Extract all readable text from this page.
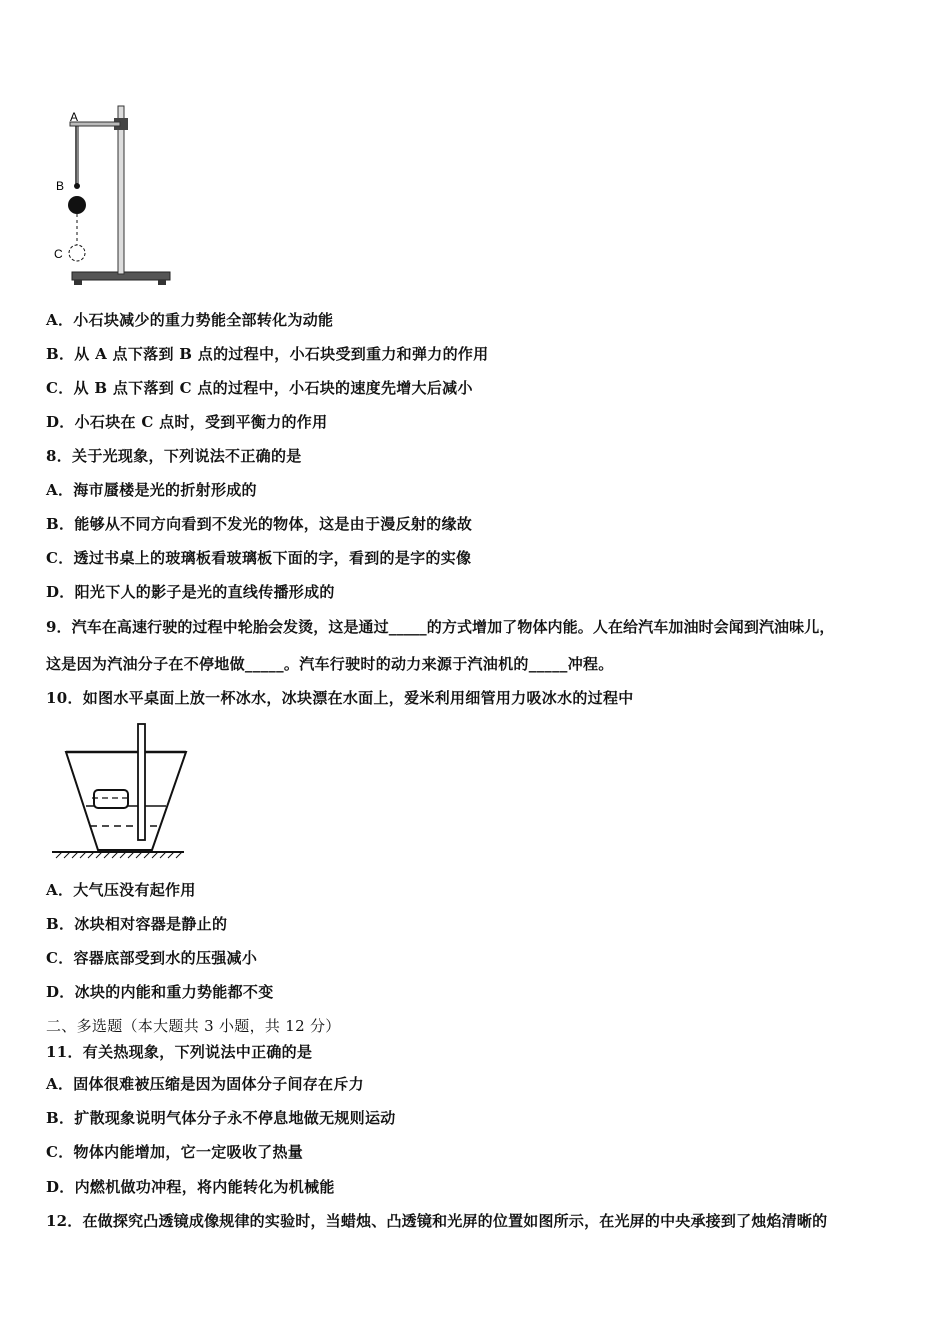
A
B
C
A．小石块减少的重力势能全部转化为动能
B．从 A 点下落到 B 点的过程中，小石块受到重力和弹力的作用
C．从 B 点下落到 C 点的过程中，小石块的速度先增大后减小
D．小石块在 C 点时，受到平衡力的作用
8．关于光现象，下列说法不正确的是
A．海市蜃楼是光的折射形成的
B．能够从不同方向看到不发光的物体，这是由于漫反射的缘故
C．透过书桌上的玻璃板看玻璃板下面的字，看到的是字的实像
D．阳光下人的影子是光的直线传播形成的
9．汽车在高速行驶的过程中轮胎会发烫，这是通过_____的方式增加了物体内能。人在给汽车加油时会闻到汽油味儿，
这是因为汽油分子在不停地做_____。汽车行驶时的动力来源于汽油机的_____冲程。
10．如图水平桌面上放一杯冰水，冰块漂在水面上，爱米利用细管用力吸冰水的过程中
A．大气压没有起作用
B．冰块相对容器是静止的
C．容器底部受到水的压强减小
D．冰块的内能和重力势能都不变
二、多选题（本大题共 3 小题，共 12 分）
11．有关热现象，下列说法中正确的是
A．固体很难被压缩是因为固体分子间存在斥力
B．扩散现象说明气体分子永不停息地做无规则运动
C．物体内能增加，它一定吸收了热量
D．内燃机做功冲程，将内能转化为机械能
12．在做探究凸透镜成像规律的实验时，当蜡烛、凸透镜和光屏的位置如图所示，在光屏的中央承接到了烛焰清晰的
